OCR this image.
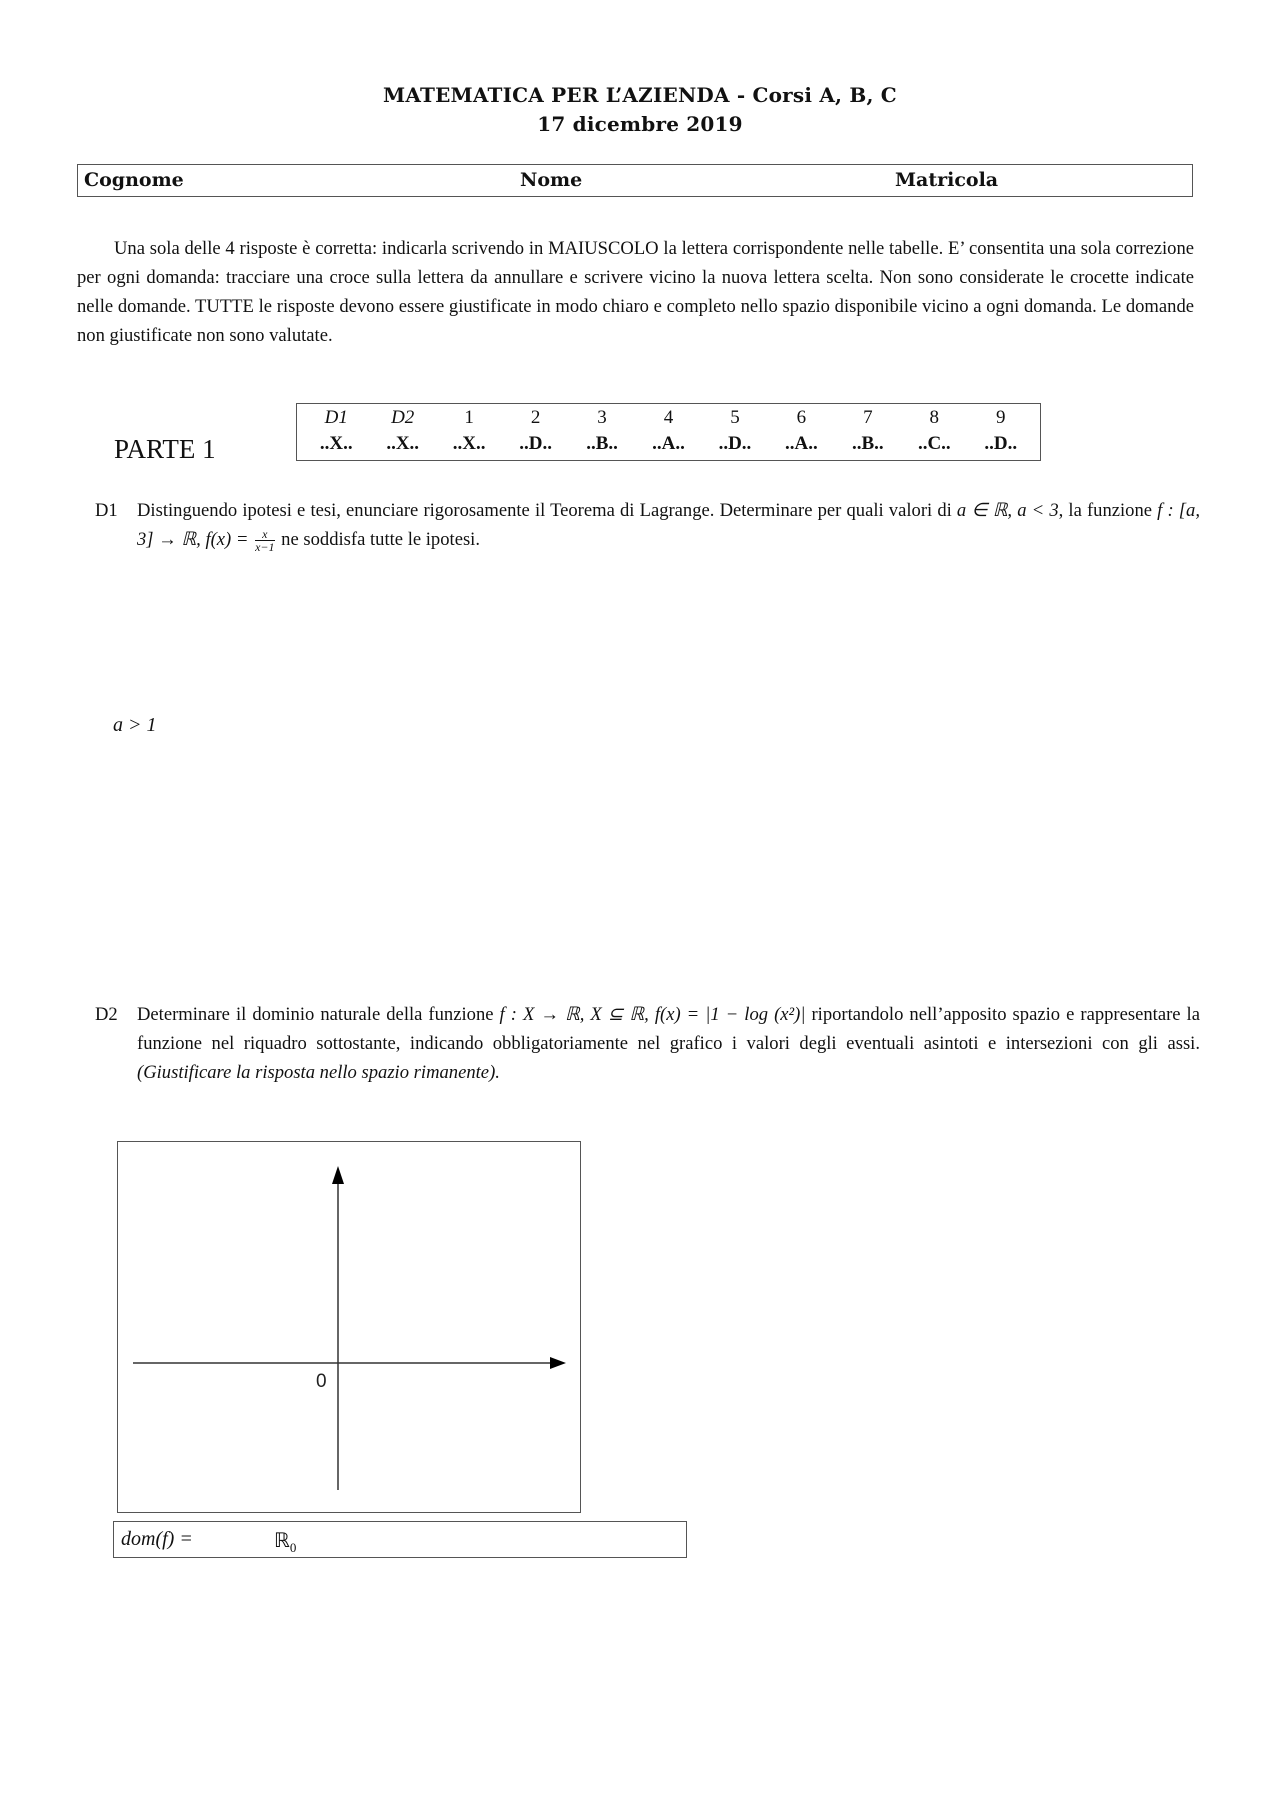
MATEMATICA PER L’AZIENDA - Corsi A, B, C
17 dicembre 2019
Cognome	Nome	Matricola
Una sola delle 4 risposte è corretta: indicarla scrivendo in MAIUSCOLO la lettera corrispondente nelle tabelle. E’ consentita una sola correzione per ogni domanda: tracciare una croce sulla lettera da annullare e scrivere vicino la nuova lettera scelta. Non sono considerate le crocette indicate nelle domande. TUTTE le risposte devono essere giustificate in modo chiaro e completo nello spazio disponibile vicino a ogni domanda. Le domande non giustificate non sono valutate.
PARTE 1
D1	D2	1	2	3	4	5	6	7	8	9
..X..	..X..	..X..	..D..	..B..	..A..	..D..	..A..	..B..	..C..	..D..
D1 Distinguendo ipotesi e tesi, enunciare rigorosamente il Teorema di Lagrange. Determinare per quali valori di a ∈ ℝ, a < 3, la funzione f : [a, 3] → ℝ, $f(x) = \frac{x}{x-1}$ ne soddisfa tutte le ipotesi.
a > 1
D2 Determinare il dominio naturale della funzione f : X → ℝ, X ⊆ ℝ, f(x) = |1 − log (x²)| riportandolo nell’apposito spazio e rappresentare la funzione nel riquadro sottostante, indicando obbligatoriamente nel grafico i valori degli eventuali asintoti e intersezioni con gli assi. (Giustificare la risposta nello spazio rimanente).
0
dom(f) =	ℝ$_0$
